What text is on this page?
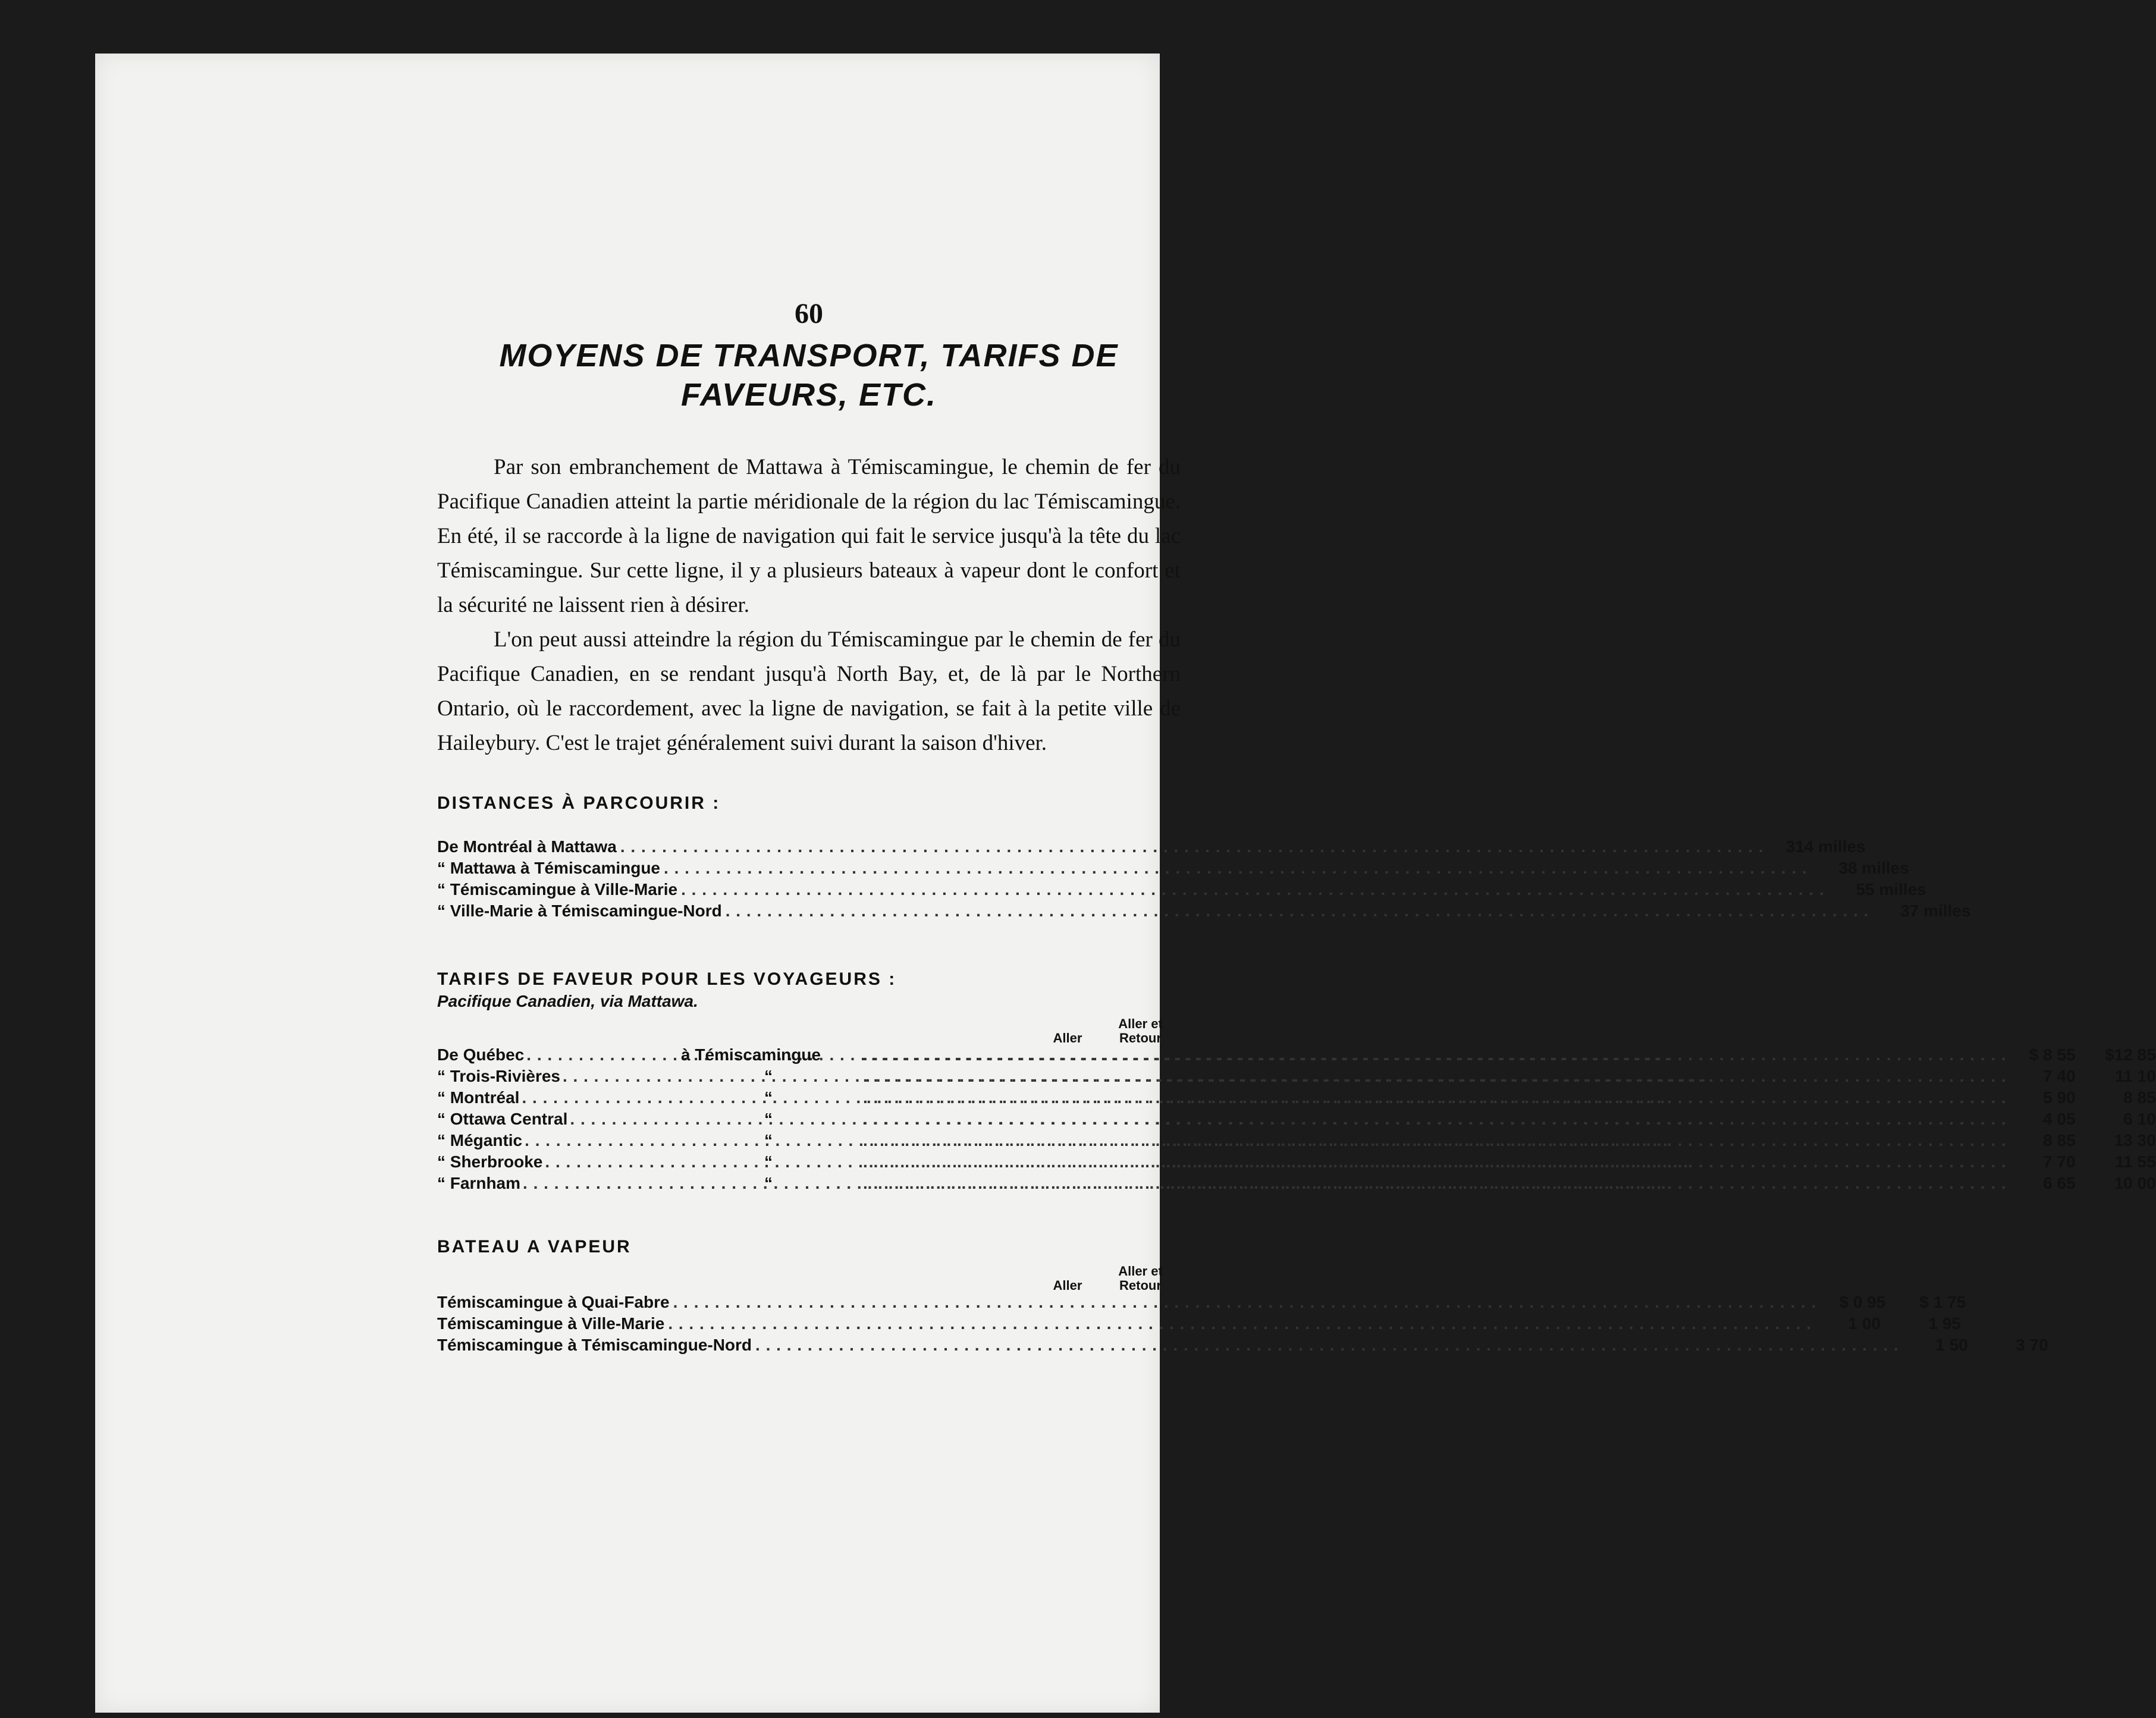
60
MOYENS DE TRANSPORT, TARIFS DE
FAVEURS, ETC.

Par son embranchement de Mattawa à Témiscamingue, le chemin de fer du Pacifique Canadien atteint la partie méridionale de la région du lac Témiscamingue. En été, il se raccorde à la ligne de navigation qui fait le service jusqu'à la tête du lac Témiscamingue. Sur cette ligne, il y a plusieurs bateaux à vapeur dont le confort et la sécurité ne laissent rien à désirer.

L'on peut aussi atteindre la région du Témiscamingue par le chemin de fer du Pacifique Canadien, en se rendant jusqu'à North Bay, et, de là par le Northern Ontario, où le raccordement, avec la ligne de navigation, se fait à la petite ville de Haileybury. C'est le trajet généralement suivi durant la saison d'hiver.

DISTANCES À PARCOURIR :
De Montréal à Mattawa . . .	314 milles
“ Mattawa à Témiscamingue . . .	38 milles
“ Témiscamingue à Ville-Marie . . .	55 milles
“ Ville-Marie à Témiscamingue-Nord . . .	37 milles
TARIFS DE FAVEUR POUR LES VOYAGEURS :
Pacifique Canadien, via Mattawa.
Aller
Aller et
Retour
De Québec . . .	à Témiscamingue . . .	$ 8 55	$12 85
“ Trois-Rivières . . .	“ . . .	7 40	11 10
“ Montréal . . .	“ . . .	5 90	8 85
“ Ottawa Central . . .	“ . . .	4 05	6 10
“ Mégantic . . .	“ . . .	8 85	13 30
“ Sherbrooke . . .	“ . . .	7 70	11 55
“ Farnham . . .	“ . . .	6 65	10 00
BATEAU A VAPEUR
Aller
Aller et
Retour
Témiscamingue à Quai-Fabre . . .	$ 0 95	$ 1 75
Témiscamingue à Ville-Marie . . .	1 00	1 95
Témiscamingue à Témiscamingue-Nord . . .	1 50	3 70
